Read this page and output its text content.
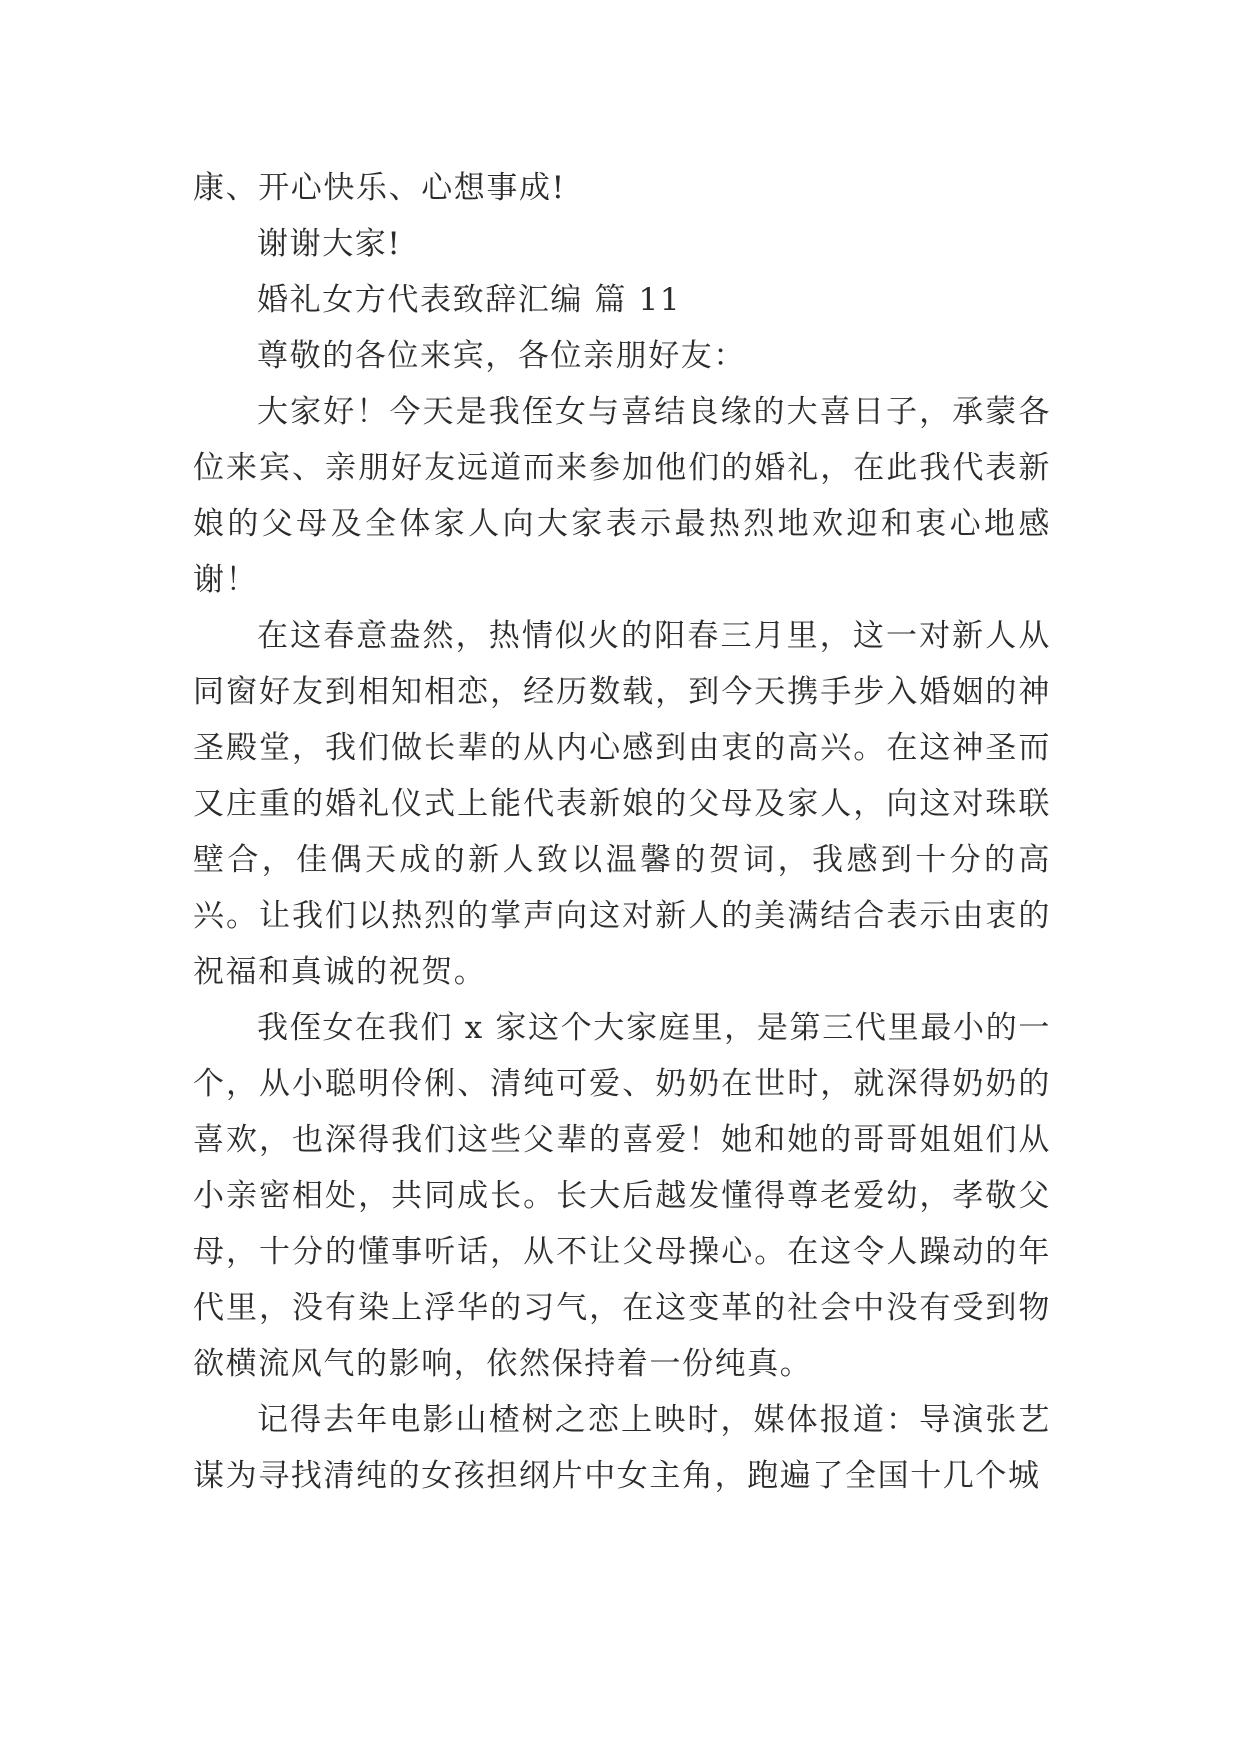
康、开心快乐、心想事成!

谢谢大家!

婚礼女方代表致辞汇编 篇 11

尊敬的各位来宾，各位亲朋好友：

大家好！今天是我侄女与喜结良缘的大喜日子，承蒙各位来宾、亲朋好友远道而来参加他们的婚礼，在此我代表新娘的父母及全体家人向大家表示最热烈地欢迎和衷心地感谢！

在这春意盎然，热情似火的阳春三月里，这一对新人从同窗好友到相知相恋，经历数载，到今天携手步入婚姻的神圣殿堂，我们做长辈的从内心感到由衷的高兴。在这神圣而又庄重的婚礼仪式上能代表新娘的父母及家人，向这对珠联壁合，佳偶天成的新人致以温馨的贺词，我感到十分的高兴。让我们以热烈的掌声向这对新人的美满结合表示由衷的祝福和真诚的祝贺。

我侄女在我们 x 家这个大家庭里，是第三代里最小的一个，从小聪明伶俐、清纯可爱、奶奶在世时，就深得奶奶的喜欢，也深得我们这些父辈的喜爱！她和她的哥哥姐姐们从小亲密相处，共同成长。长大后越发懂得尊老爱幼，孝敬父母，十分的懂事听话，从不让父母操心。在这令人躁动的年代里，没有染上浮华的习气，在这变革的社会中没有受到物欲横流风气的影响，依然保持着一份纯真。

记得去年电影山楂树之恋上映时，媒体报道：导演张艺谋为寻找清纯的女孩担纲片中女主角，跑遍了全国十几个城
